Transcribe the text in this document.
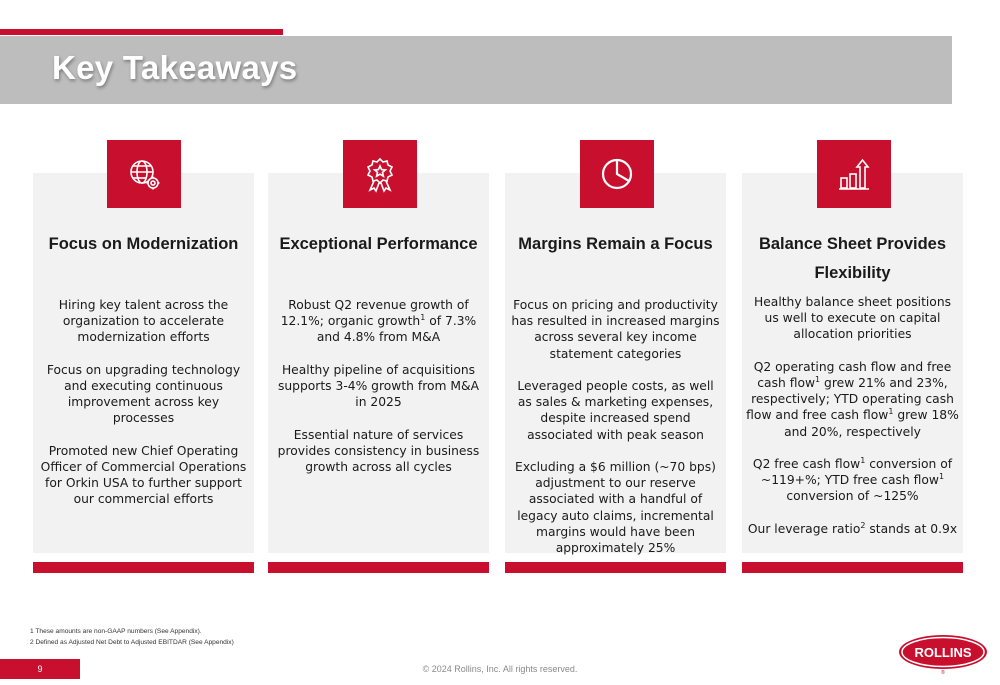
Key Takeaways
Focus on Modernization

Hiring key talent across the organization to accelerate modernization efforts

Focus on upgrading technology and executing continuous improvement across key processes

Promoted new Chief Operating Officer of Commercial Operations for Orkin USA to further support our commercial efforts

Exceptional Performance

Robust Q2 revenue growth of 12.1%; organic growth$^1$ of 7.3% and 4.8% from M&A

Healthy pipeline of acquisitions supports 3-4% growth from M&A in 2025

Essential nature of services provides consistency in business growth across all cycles

Margins Remain a Focus

Focus on pricing and productivity has resulted in increased margins across several key income statement categories

Leveraged people costs, as well as sales & marketing expenses, despite increased spend associated with peak season

Excluding a $6 million (~70 bps) adjustment to our reserve associated with a handful of legacy auto claims, incremental margins would have been approximately 25%

Balance Sheet Provides Flexibility

Healthy balance sheet positions us well to execute on capital allocation priorities

Q2 operating cash flow and free cash flow$^1$ grew 21% and 23%, respectively; YTD operating cash flow and free cash flow$^1$ grew 18% and 20%, respectively

Q2 free cash flow$^1$ conversion of ~119+%; YTD free cash flow$^1$ conversion of ~125%

Our leverage ratio$^2$ stands at 0.9x

1 These amounts are non-GAAP numbers (See Appendix).
2 Defined as Adjusted Net Debt to Adjusted EBITDAR (See Appendix)
9	© 2024 Rollins, Inc. All rights reserved.
ROLLINS
®
